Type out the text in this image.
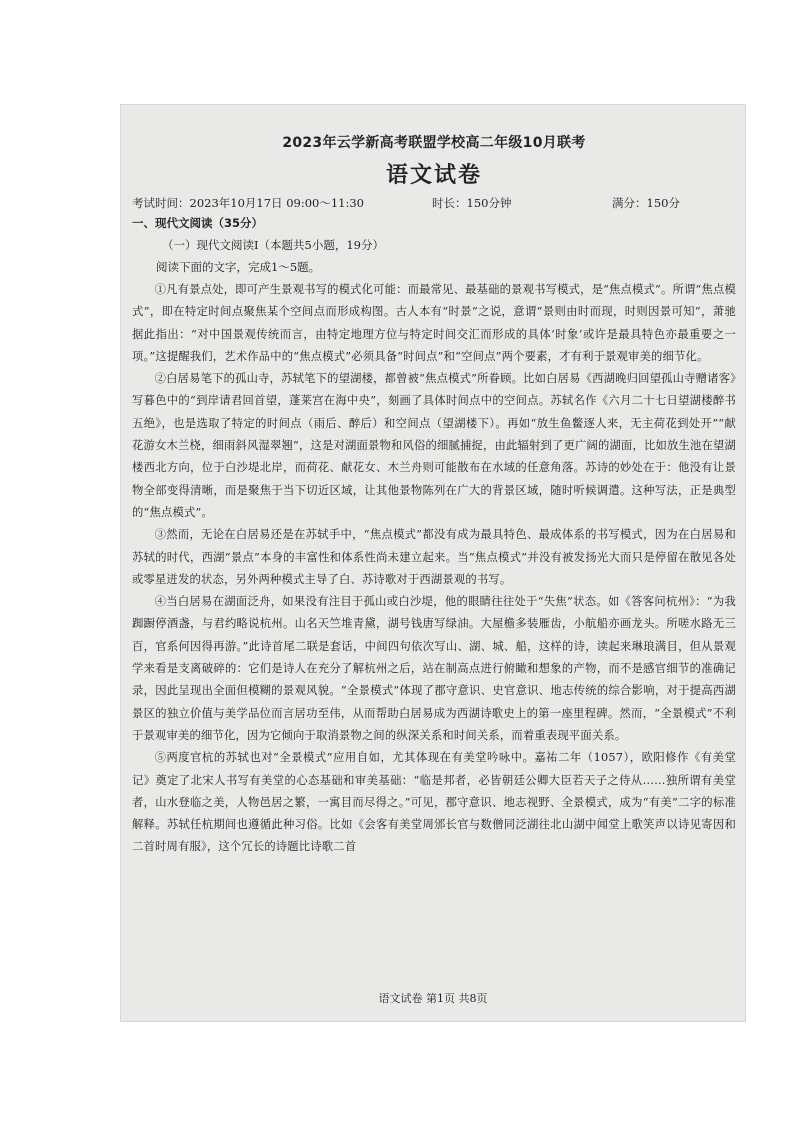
2023年云学新高考联盟学校高二年级10月联考
语文试卷
考试时间：2023年10月17日 09:00～11:30	时长：150分钟	满分：150分
一、现代文阅读（35分）
（一）现代文阅读Ⅰ（本题共5小题，19分）
阅读下面的文字，完成1～5题。

①凡有景点处，即可产生景观书写的模式化可能：而最常见、最基础的景观书写模式，是“焦点模式”。所谓“焦点模式”，即在特定时间点聚焦某个空间点而形成构图。古人本有“时景”之说，意谓“景则由时而现，时则因景可知”，萧驰据此指出：“对中国景观传统而言，由特定地理方位与特定时间交汇而形成的具体‘时象’或许是最具特色亦最重要之一项。”这提醒我们，艺术作品中的“焦点模式”必须具备“时间点”和“空间点”两个要素，才有利于景观审美的细节化。

②白居易笔下的孤山寺，苏轼笔下的望湖楼，都曾被“焦点模式”所眷顾。比如白居易《西湖晚归回望孤山寺赠诸客》写暮色中的“到岸请君回首望，蓬莱宫在海中央”，刻画了具体时间点中的空间点。苏轼名作《六月二十七日望湖楼醉书五绝》，也是选取了特定的时间点（雨后、醉后）和空间点（望湖楼下）。再如“放生鱼鳖逐人来，无主荷花到处开”“献花游女木兰桡，细雨斜风湿翠翘”，这是对湖面景物和风俗的细腻捕捉，由此辐射到了更广阔的湖面，比如放生池在望湖楼西北方向，位于白沙堤北岸，而荷花、献花女、木兰舟则可能散布在水域的任意角落。苏诗的妙处在于：他没有让景物全部变得清晰，而是聚焦于当下切近区域，让其他景物陈列在广大的背景区域，随时听候调遣。这种写法，正是典型的“焦点模式”。

③然而，无论在白居易还是在苏轼手中，“焦点模式”都没有成为最具特色、最成体系的书写模式，因为在白居易和苏轼的时代，西湖“景点”本身的丰富性和体系性尚未建立起来。当“焦点模式”并没有被发扬光大而只是停留在散见各处或零星迸发的状态，另外两种模式主导了白、苏诗歌对于西湖景观的书写。

④当白居易在湖面泛舟，如果没有注目于孤山或白沙堤，他的眼睛往往处于“失焦”状态。如《答客问杭州》：“为我踟蹰停酒盏，与君约略说杭州。山名天竺堆青黛，湖号钱唐写绿油。大屋檐多装雁齿，小航船亦画龙头。所嗟水路无三百，官系何因得再游。”此诗首尾二联是套话，中间四句依次写山、湖、城、船，这样的诗，读起来琳琅满目，但从景观学来看是支离破碎的：它们是诗人在充分了解杭州之后，站在制高点进行俯瞰和想象的产物，而不是感官细节的准确记录，因此呈现出全面但模糊的景观风貌。“全景模式”体现了郡守意识、史官意识、地志传统的综合影响，对于提高西湖景区的独立价值与美学品位而言居功至伟，从而帮助白居易成为西湖诗歌史上的第一座里程碑。然而，“全景模式”不利于景观审美的细节化，因为它倾向于取消景物之间的纵深关系和时间关系，而着重表现平面关系。

⑤两度官杭的苏轼也对“全景模式”应用自如，尤其体现在有美堂吟咏中。嘉祐二年（1057），欧阳修作《有美堂记》奠定了北宋人书写有美堂的心态基础和审美基础：“临是邦者，必皆朝廷公卿大臣若天子之侍从……独所谓有美堂者，山水登临之美，人物邑居之繁，一寓目而尽得之。”可见，郡守意识、地志视野、全景模式，成为“有美”二字的标准解释。苏轼任杭期间也遵循此种习俗。比如《会客有美堂周邠长官与数僧同泛湖往北山湖中闻堂上歌笑声以诗见寄因和二首时周有服》，这个冗长的诗题比诗歌二首

语文试卷 第1页 共8页
